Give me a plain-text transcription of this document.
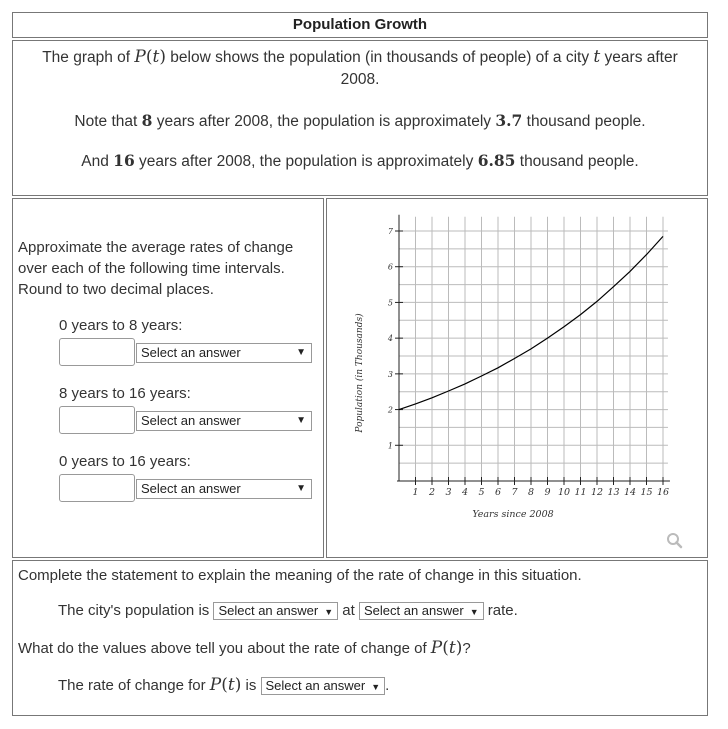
Population Growth

The graph of P(t) below shows the population (in thousands of people) of a city t years after 2008.

Note that 8 years after 2008, the population is approximately 3.7 thousand people.

And 16 years after 2008, the population is approximately 6.85 thousand people.

Approximate the average rates of change over each of the following time intervals. Round to two decimal places.
0 years to 8 years:
Select an answer	▼
8 years to 16 years:
Select an answer	▼
0 years to 16 years:
Select an answer	▼	1 2 3 4 5 6 7 8 9 10 11 12 13 14 15 16
1
2
3
4
5
6
7
Years since 2008
Population (in Thousands)
Complete the statement to explain the meaning of the rate of change in this situation.
The city's population is Select an answer ▼ at Select an answer ▼ rate.
What do the values above tell you about the rate of change of P(t)?
The rate of change for P(t) is Select an answer ▼ .
